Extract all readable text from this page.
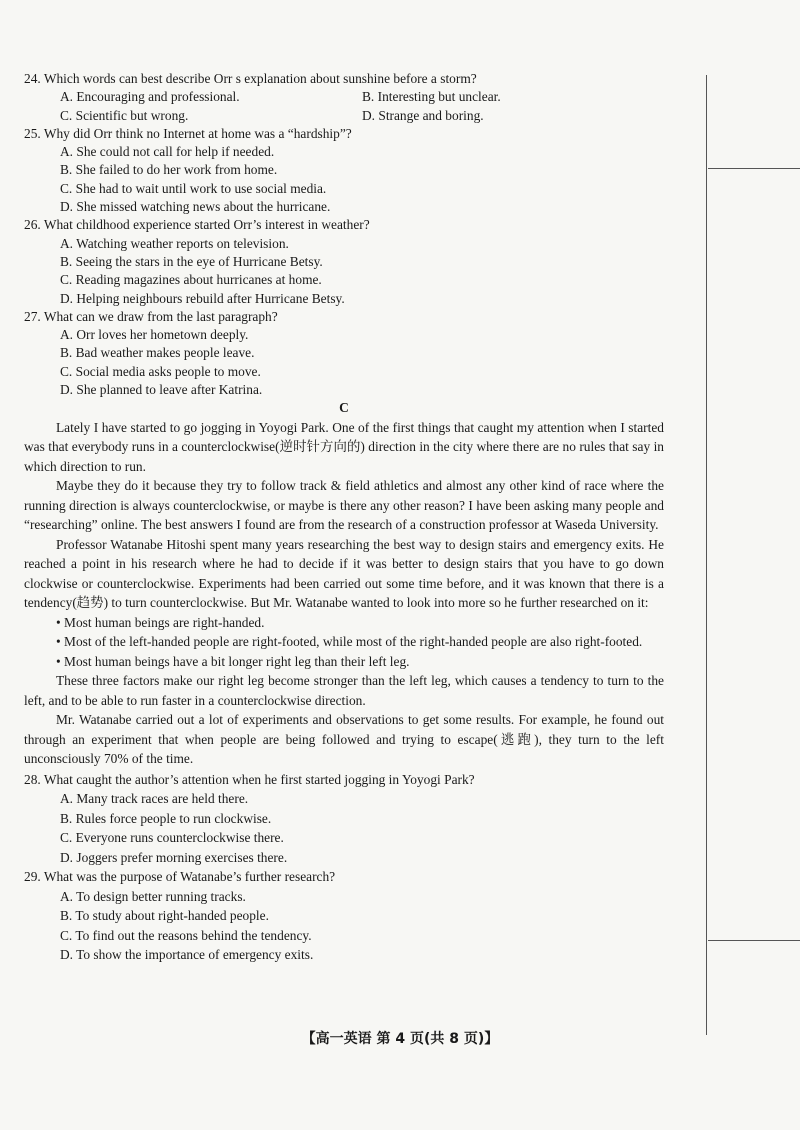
24. Which words can best describe Orr s explanation about sunshine before a storm?
A. Encouraging and professional.	B. Interesting but unclear.
C. Scientific but wrong.	D. Strange and boring.
25. Why did Orr think no Internet at home was a “hardship”?
A. She could not call for help if needed.
B. She failed to do her work from home.
C. She had to wait until work to use social media.
D. She missed watching news about the hurricane.
26. What childhood experience started Orr’s interest in weather?
A. Watching weather reports on television.
B. Seeing the stars in the eye of Hurricane Betsy.
C. Reading magazines about hurricanes at home.
D. Helping neighbours rebuild after Hurricane Betsy.
27. What can we draw from the last paragraph?
A. Orr loves her hometown deeply.
B. Bad weather makes people leave.
C. Social media asks people to move.
D. She planned to leave after Katrina.
C
Lately I have started to go jogging in Yoyogi Park. One of the first things that caught my attention when I started was that everybody runs in a counterclockwise(逆时针方向的) direction in the city where there are no rules that say in which direction to run.
Maybe they do it because they try to follow track & field athletics and almost any other kind of race where the running direction is always counterclockwise, or maybe is there any other reason? I have been asking many people and “researching” online. The best answers I found are from the research of a construction professor at Waseda University.
Professor Watanabe Hitoshi spent many years researching the best way to design stairs and emergency exits. He reached a point in his research where he had to decide if it was better to design stairs that you have to go down clockwise or counterclockwise. Experiments had been carried out some time before, and it was known that there is a tendency(趋势) to turn counterclockwise. But Mr. Watanabe wanted to look into more so he further researched on it:
• Most human beings are right-handed.
• Most of the left-handed people are right-footed, while most of the right-handed people are also right-footed.
• Most human beings have a bit longer right leg than their left leg.
These three factors make our right leg become stronger than the left leg, which causes a tendency to turn to the left, and to be able to run faster in a counterclockwise direction.
Mr. Watanabe carried out a lot of experiments and observations to get some results. For example, he found out through an experiment that when people are being followed and trying to escape(逃跑), they turn to the left unconsciously 70% of the time.
28. What caught the author’s attention when he first started jogging in Yoyogi Park?
A. Many track races are held there.
B. Rules force people to run clockwise.
C. Everyone runs counterclockwise there.
D. Joggers prefer morning exercises there.
29. What was the purpose of Watanabe’s further research?
A. To design better running tracks.
B. To study about right-handed people.
C. To find out the reasons behind the tendency.
D. To show the importance of emergency exits.
【高一英语 第 4 页(共 8 页)】
